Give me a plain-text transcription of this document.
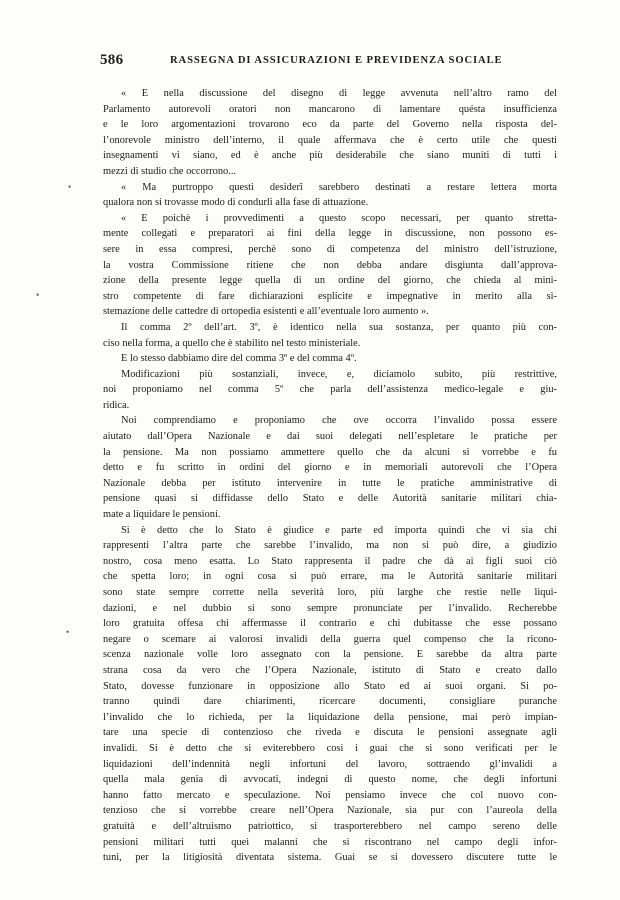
586	RASSEGNA DI ASSICURAZIONI E PREVIDENZA SOCIALE
•
•
•
« E nella discussione del disegno di legge avvenuta nell’altro ramo del
Parlamento autorevoli oratori non mancarono di lamentare quésta insufficienza
e le loro argomentazioni trovarono eco da parte del Governo nella risposta del-
l’onorevole ministro dell’interno, il quale affermava che è certo utile che questi
insegnamenti vi siano, ed è anche più desiderabile che siano muniti di tutti i
mezzi di studio che occorrono...
« Ma purtroppo questi desiderî sarebbero destinati a restare lettera morta
qualora non si trovasse modo di condurli alla fase di attuazione.
« E poichè i provvedimenti a questo scopo necessari, per quanto stretta-
mente collegati e preparatori ai fini della legge in discussione, non possono es-
sere in essa compresi, perchè sono di competenza del ministro dell’istruzione,
la vostra Commissione ritiene che non debba andare disgiunta dall’approva-
zione della presente legge quella di un ordine del giorno, che chieda al mini-
stro competente di fare dichiarazioni esplicite e impegnative in merito alla si-
stemazione delle cattedre di ortopedia esistenti e all’eventuale loro aumento ».
Il comma 2º dell’art. 3º, è identico nella sua sostanza, per quanto più con-
ciso nella forma, a quello che è stabilito nel testo ministeriale.
E lo stesso dabbiamo dire del comma 3º e del comma 4º.
Modificazioni più sostanziali, invece, e, diciamolo subito, più restrittive,
noi proponiamo nel comma 5º che parla dell’assistenza medico-legale e giu-
ridica.
Noi comprendiamo e proponiamo che ove occorra l’invalido possa essere
aiutato dall’Opera Nazionale e dai suoi delegati nell’espletare le pratiche per
la pensione. Ma non possiamo ammettere quello che da alcuni si vorrebbe e fu
detto e fu scritto in ordini del giorno e in memoriali autorevoli che l’Opera
Nazionale debba per istituto intervenire in tutte le pratiche amministrative di
pensione quasi si diffidasse dello Stato e delle Autorità sanitarie militari chia-
mate a liquidare le pensioni.
Si è detto che lo Stato è giudice e parte ed importa quindi che vi sia chi
rappresenti l’altra parte che sarebbe l’invalido, ma non si può dire, a giudizio
nostro, cosa meno esatta. Lo Stato rappresenta il padre che dà ai figli suoi ciò
che spetta loro; in ogni cosa si può errare, ma le Autorità sanitarie militari
sono state sempre corrette nella severità loro, più larghe che restie nelle liqui-
dazioni, e nel dubbio si sono sempre pronunciate per l’invalido. Recherebbe
loro gratuita offesa chi affermasse il contrario e chi dubitasse che esse possano
negare o scemare ai valorosi invalidi della guerra quel compenso che la ricono-
scenza nazionale volle loro assegnato con la pensione. E sarebbe da altra parte
strana cosa da vero che l’Opera Nazionale, istituto di Stato e creato dallo
Stato, dovesse funzionare in opposizione allo Stato ed ai suoi organi. Si po-
tranno quindi dare chiarimenti, ricercare documenti, consigliare puranche
l’invalido che lo richieda, per la liquidazione della pensione, mai però impian-
tare una specie di contenzioso che riveda e discuta le pensioni assegnate agli
invalidi. Si è detto che si eviterebbero così i guai che si sono verificati per le
liquidazioni dell’indennità negli infortuni del lavoro, sottraendo gl’invalidi a
quella mala genia di avvocati, indegni di questo nome, che degli infortuni
hanno fatto mercato e speculazione. Noi pensiamo invece che col nuovo con-
tenzioso che si vorrebbe creare nell’Opera Nazionale, sia pur con l’aureola della
gratuità e dell’altruismo patriottico, si trasporterebbero nel campo sereno delle
pensioni militari tutti quei malanni che si riscontrano nel campo degli infor-
tuni, per la litigiosità diventata sistema. Guai se si dovessero discutere tutte le
